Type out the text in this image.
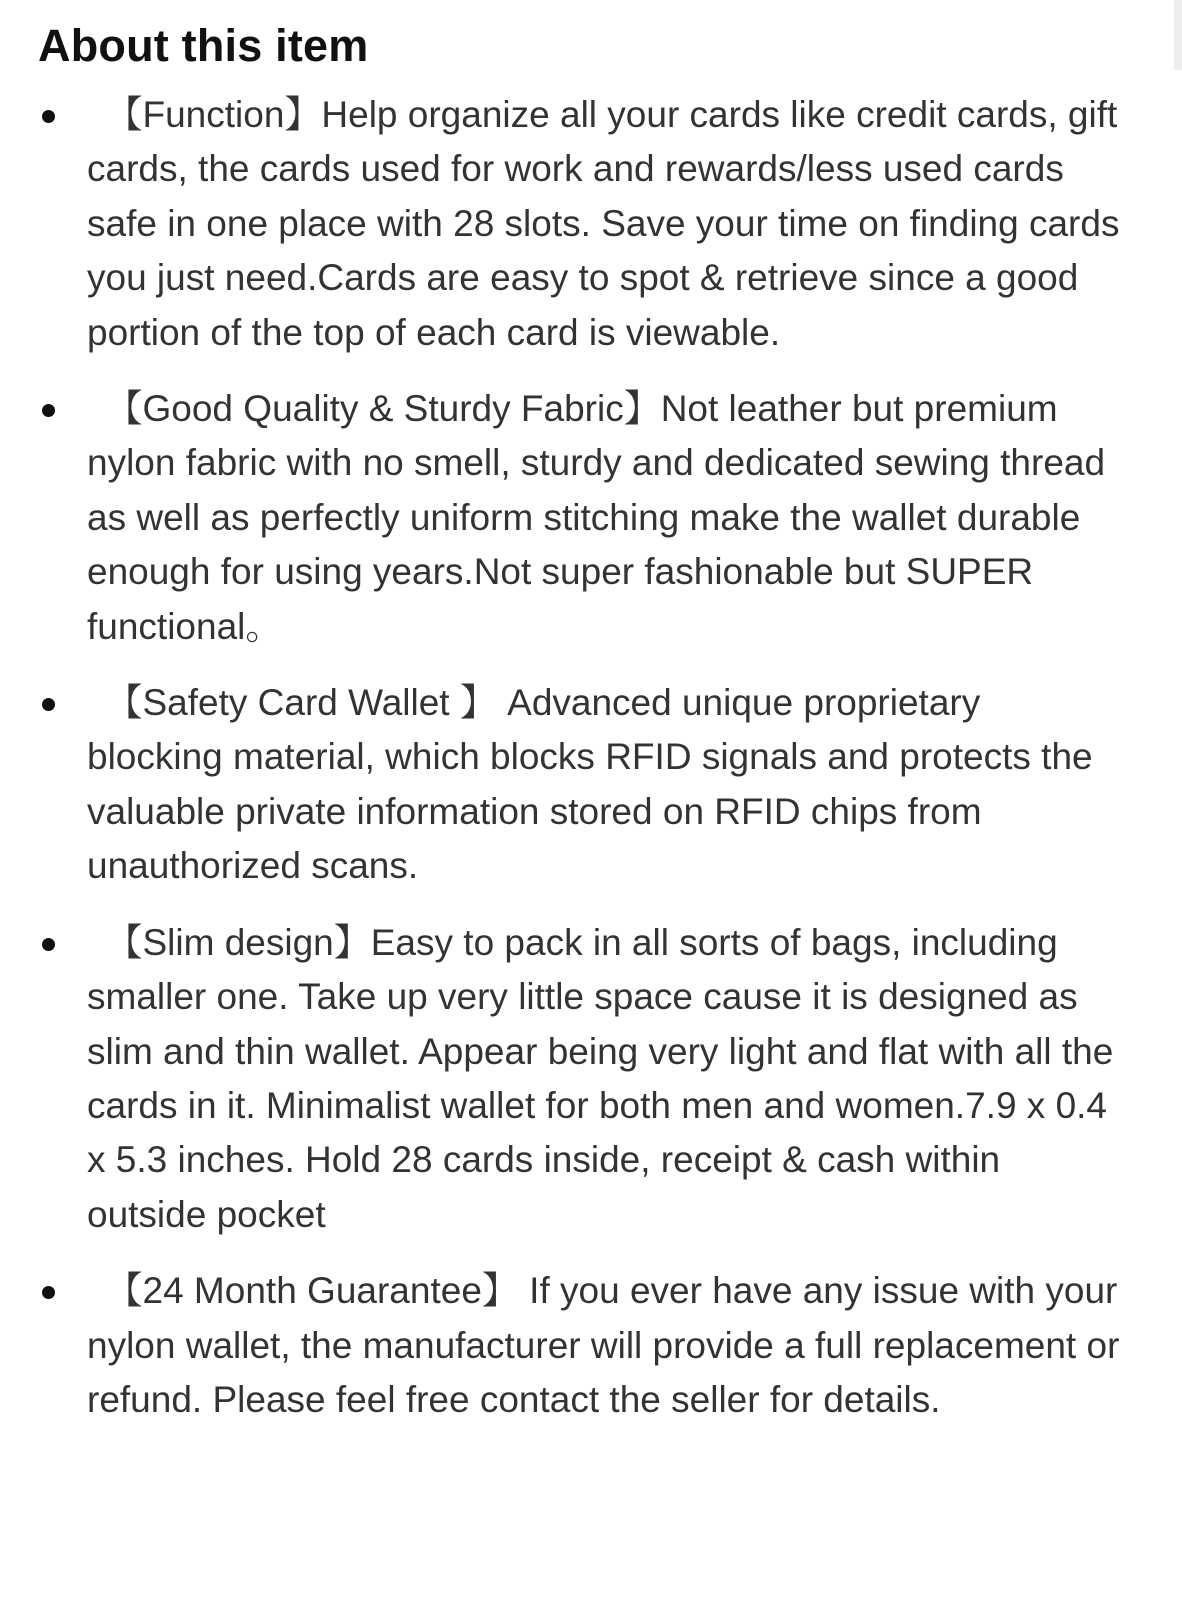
About this item
　【Function】Help organize all your cards like credit cards, gift cards, the cards used for work and rewards/less used cards safe in one place with 28 slots. Save your time on finding cards you just need.Cards are easy to spot & retrieve since a good portion of the top of each card is viewable.
　【Good Quality & Sturdy Fabric】Not leather but premium nylon fabric with no smell, sturdy and dedicated sewing thread as well as perfectly uniform stitching make the wallet durable enough for using years.Not super fashionable but SUPER functional。
　【Safety Card Wallet 】 Advanced unique proprietary blocking material, which blocks RFID signals and protects the valuable private information stored on RFID chips from unauthorized scans.
　【Slim design】Easy to pack in all sorts of bags, including smaller one. Take up very little space cause it is designed as slim and thin wallet. Appear being very light and flat with all the cards in it. Minimalist wallet for both men and women.7.9 x 0.4 x 5.3 inches. Hold 28 cards inside, receipt & cash within outside pocket
　【24 Month Guarantee】 If you ever have any issue with your nylon wallet, the manufacturer will provide a full replacement or refund. Please feel free contact the seller for details.
